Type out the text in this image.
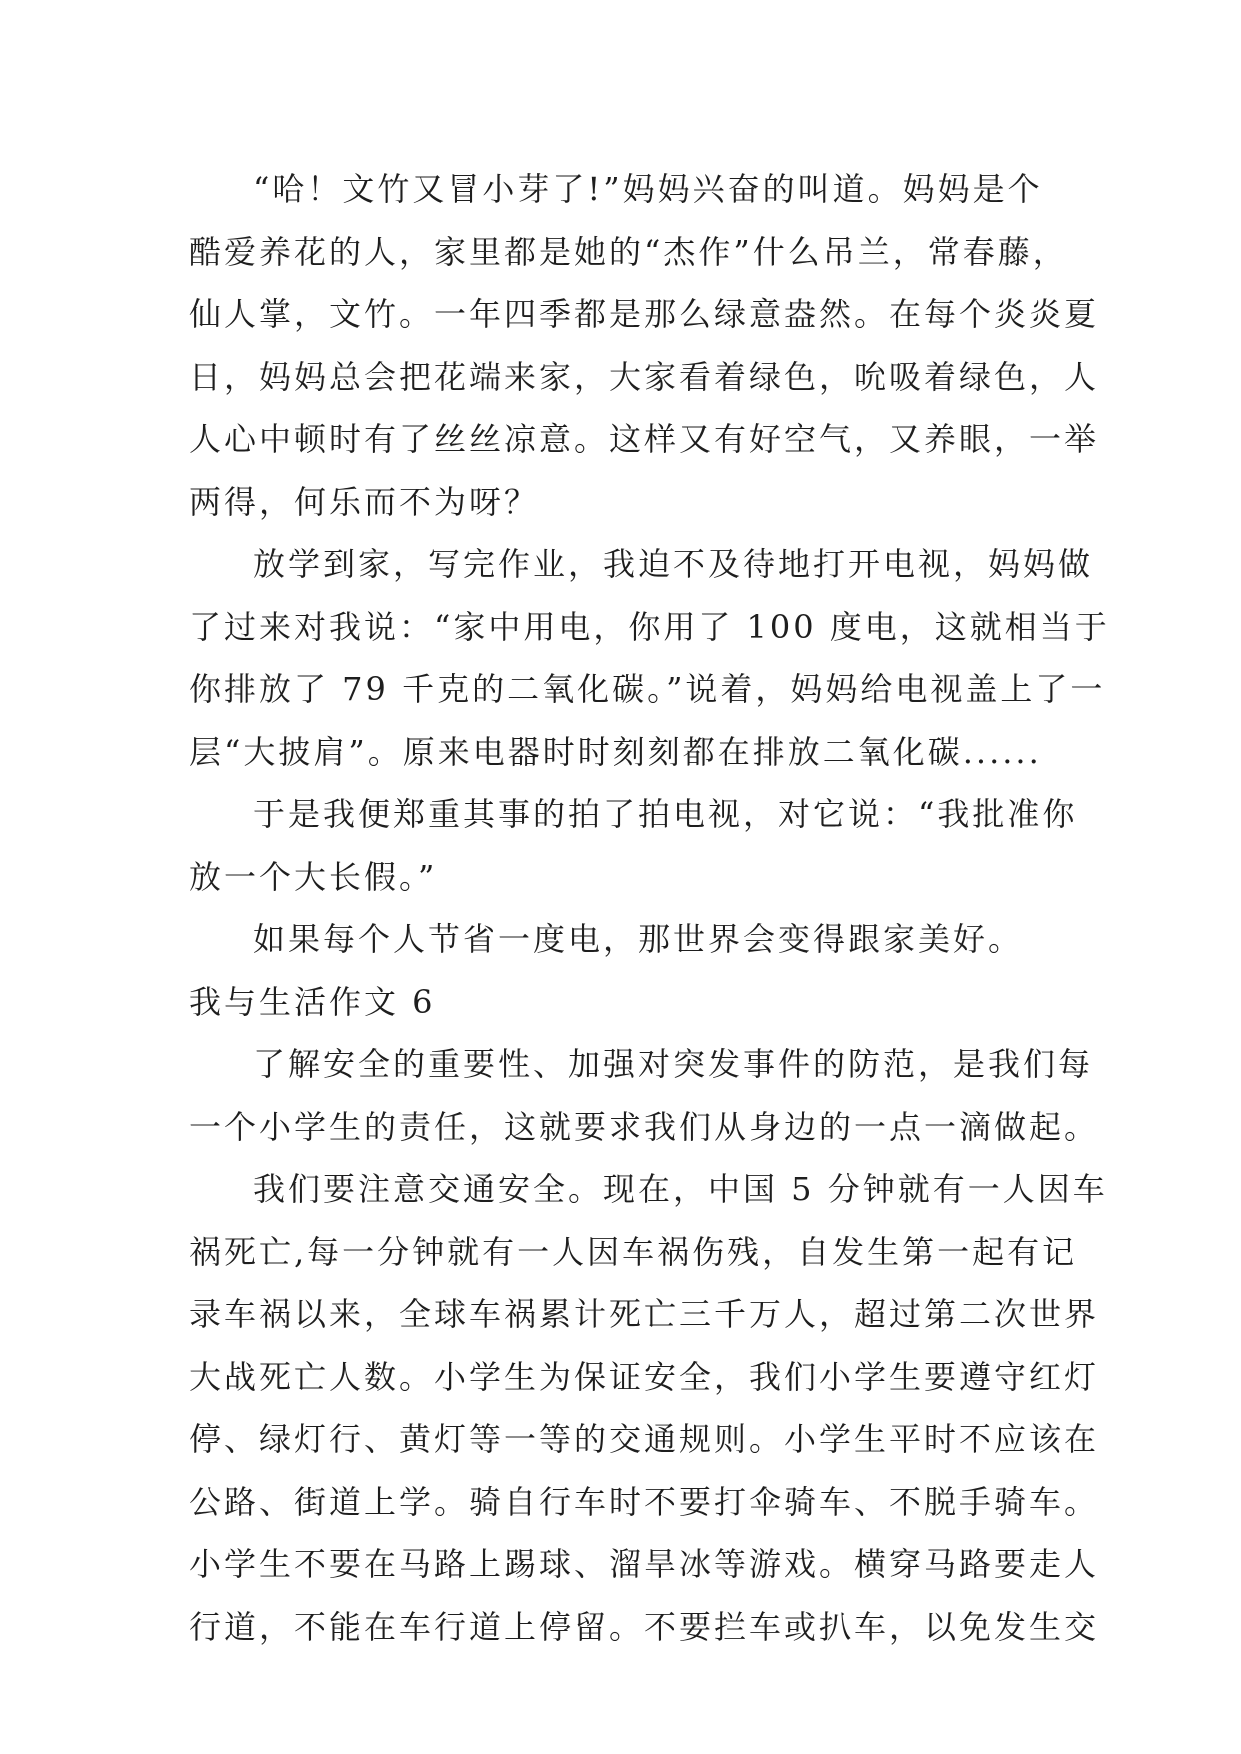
“哈！文竹又冒小芽了!”妈妈兴奋的叫道。妈妈是个
酷爱养花的人，家里都是她的“杰作”什么吊兰，常春藤，
仙人掌，文竹。一年四季都是那么绿意盎然。在每个炎炎夏
日，妈妈总会把花端来家，大家看着绿色，吮吸着绿色，人
人心中顿时有了丝丝凉意。这样又有好空气，又养眼，一举
两得，何乐而不为呀？
放学到家，写完作业，我迫不及待地打开电视，妈妈做
了过来对我说：“家中用电，你用了 100 度电，这就相当于
你排放了 79 千克的二氧化碳。”说着，妈妈给电视盖上了一
层“大披肩”。原来电器时时刻刻都在排放二氧化碳......
于是我便郑重其事的拍了拍电视，对它说：“我批准你
放一个大长假。”
如果每个人节省一度电，那世界会变得跟家美好。
我与生活作文 6
了解安全的重要性、加强对突发事件的防范，是我们每
一个小学生的责任，这就要求我们从身边的一点一滴做起。
我们要注意交通安全。现在，中国 5 分钟就有一人因车
祸死亡,每一分钟就有一人因车祸伤残，自发生第一起有记
录车祸以来，全球车祸累计死亡三千万人，超过第二次世界
大战死亡人数。小学生为保证安全，我们小学生要遵守红灯
停、绿灯行、黄灯等一等的交通规则。小学生平时不应该在
公路、街道上学。骑自行车时不要打伞骑车、不脱手骑车。
小学生不要在马路上踢球、溜旱冰等游戏。横穿马路要走人
行道，不能在车行道上停留。不要拦车或扒车，以免发生交
